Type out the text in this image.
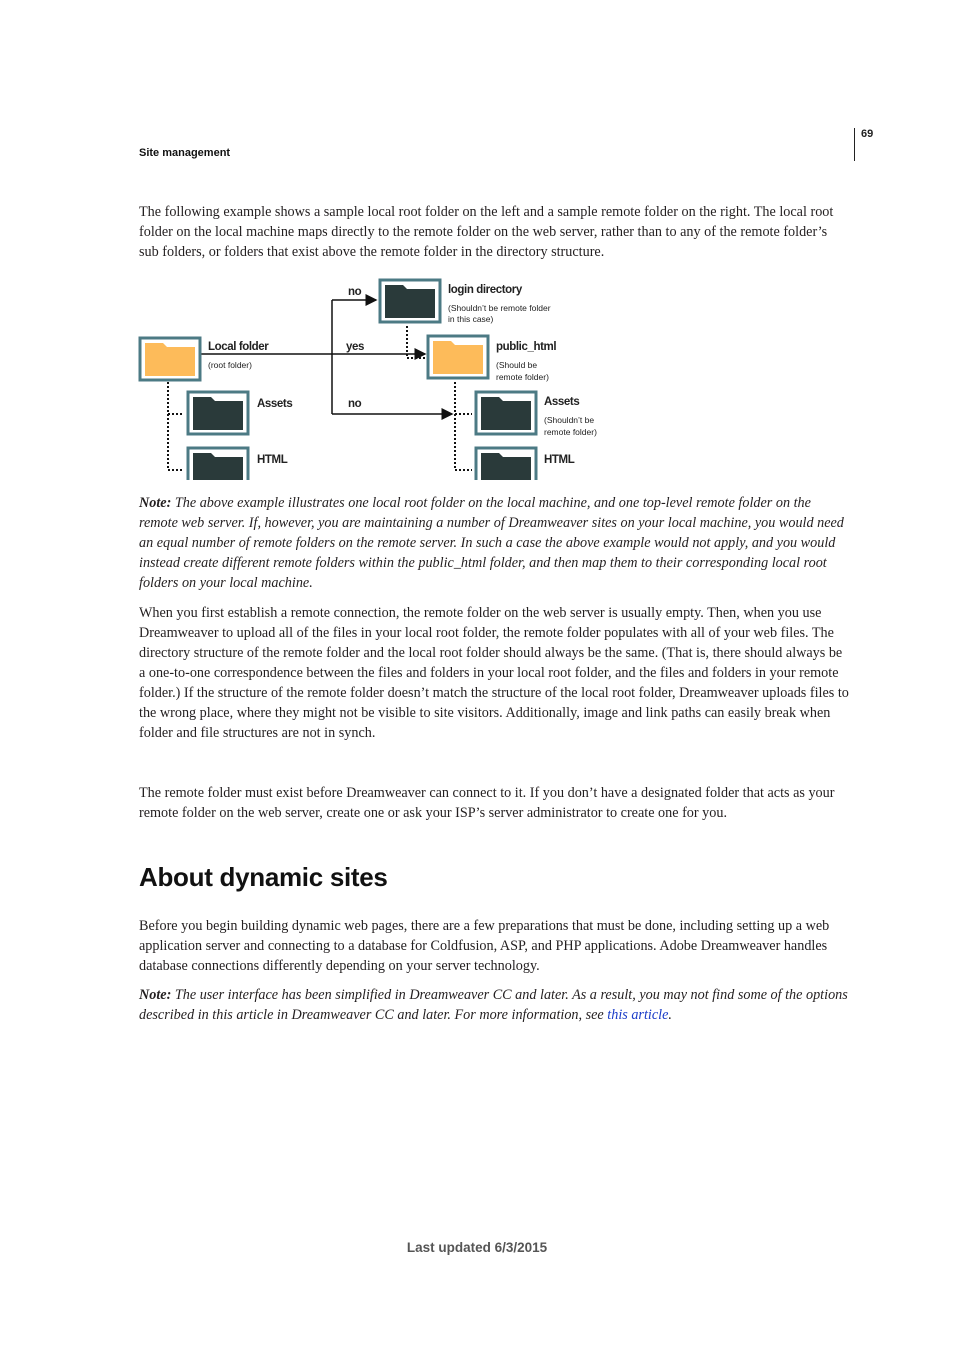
69
Site management

The following example shows a sample local root folder on the left and a sample remote folder on the right. The local root folder on the local machine maps directly to the remote folder on the web server, rather than to any of the remote folder’s sub folders, or folders that exist above the remote folder in the directory structure.

Local folder
(root folder)
Assets
HTML
no
yes
no
login directory
(Shouldn’t be remote folder
in this case)
public_html
(Should be
remote folder)
Assets
(Shouldn’t be
remote folder)
HTML

Note: The above example illustrates one local root folder on the local machine, and one top-level remote folder on the remote web server. If, however, you are maintaining a number of Dreamweaver sites on your local machine, you would need an equal number of remote folders on the remote server. In such a case the above example would not apply, and you would instead create different remote folders within the public_html folder, and then map them to their corresponding local root folders on your local machine.

When you first establish a remote connection, the remote folder on the web server is usually empty. Then, when you use Dreamweaver to upload all of the files in your local root folder, the remote folder populates with all of your web files. The directory structure of the remote folder and the local root folder should always be the same. (That is, there should always be a one-to-one correspondence between the files and folders in your local root folder, and the files and folders in your remote folder.) If the structure of the remote folder doesn’t match the structure of the local root folder, Dreamweaver uploads files to the wrong place, where they might not be visible to site visitors. Additionally, image and link paths can easily break when folder and file structures are not in synch.

The remote folder must exist before Dreamweaver can connect to it. If you don’t have a designated folder that acts as your remote folder on the web server, create one or ask your ISP’s server administrator to create one for you.

About dynamic sites

Before you begin building dynamic web pages, there are a few preparations that must be done, including setting up a web application server and connecting to a database for Coldfusion, ASP, and PHP applications. Adobe Dreamweaver handles database connections differently depending on your server technology.

Note: The user interface has been simplified in Dreamweaver CC and later. As a result, you may not find some of the options described in this article in Dreamweaver CC and later. For more information, see this article.

Last updated 6/3/2015
